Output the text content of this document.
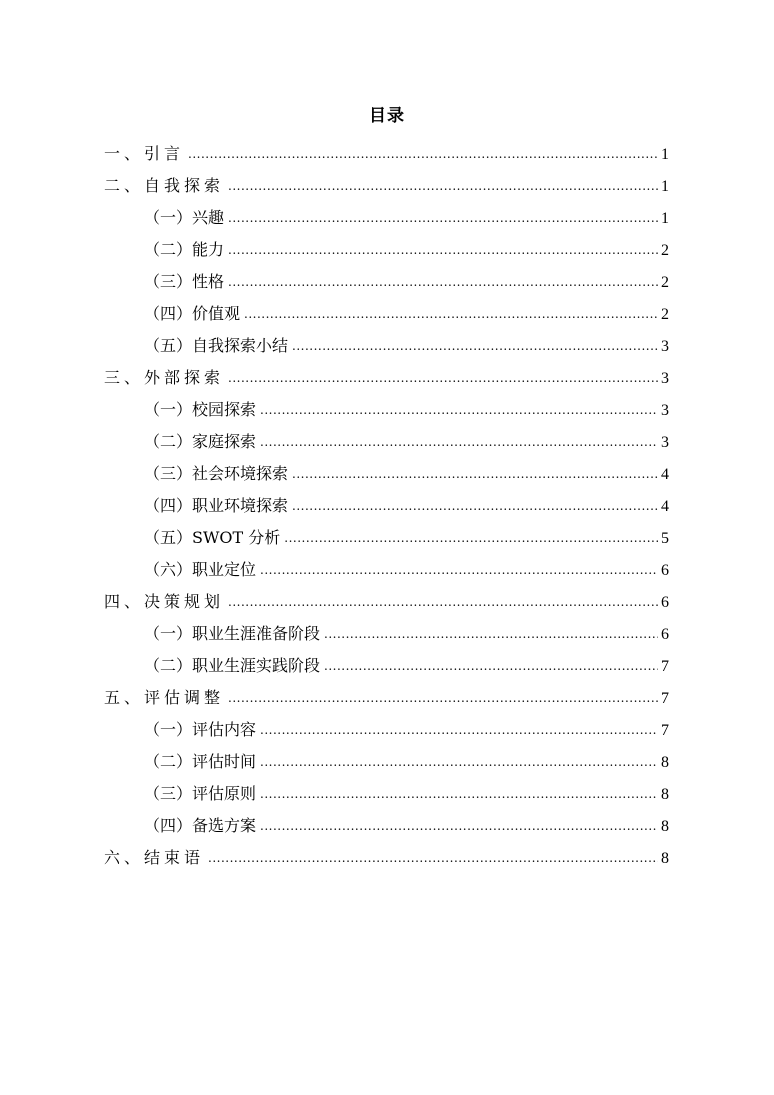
目录
一、引言 .....	1
二、自我探索 .....	1
（一）兴趣 .....	1
（二）能力 .....	2
（三）性格 .....	2
（四）价值观 .....	2
（五）自我探索小结 .....	3
三、外部探索 .....	3
（一）校园探索 .....	3
（二）家庭探索 .....	3
（三）社会环境探索 .....	4
（四）职业环境探索 .....	4
（五）SWOT 分析 .....	5
（六）职业定位 .....	6
四、决策规划 .....	6
（一）职业生涯准备阶段 .....	6
（二）职业生涯实践阶段 .....	7
五、评估调整 .....	7
（一）评估内容 .....	7
（二）评估时间 .....	8
（三）评估原则 .....	8
（四）备选方案 .....	8
六、结束语 .....	8
